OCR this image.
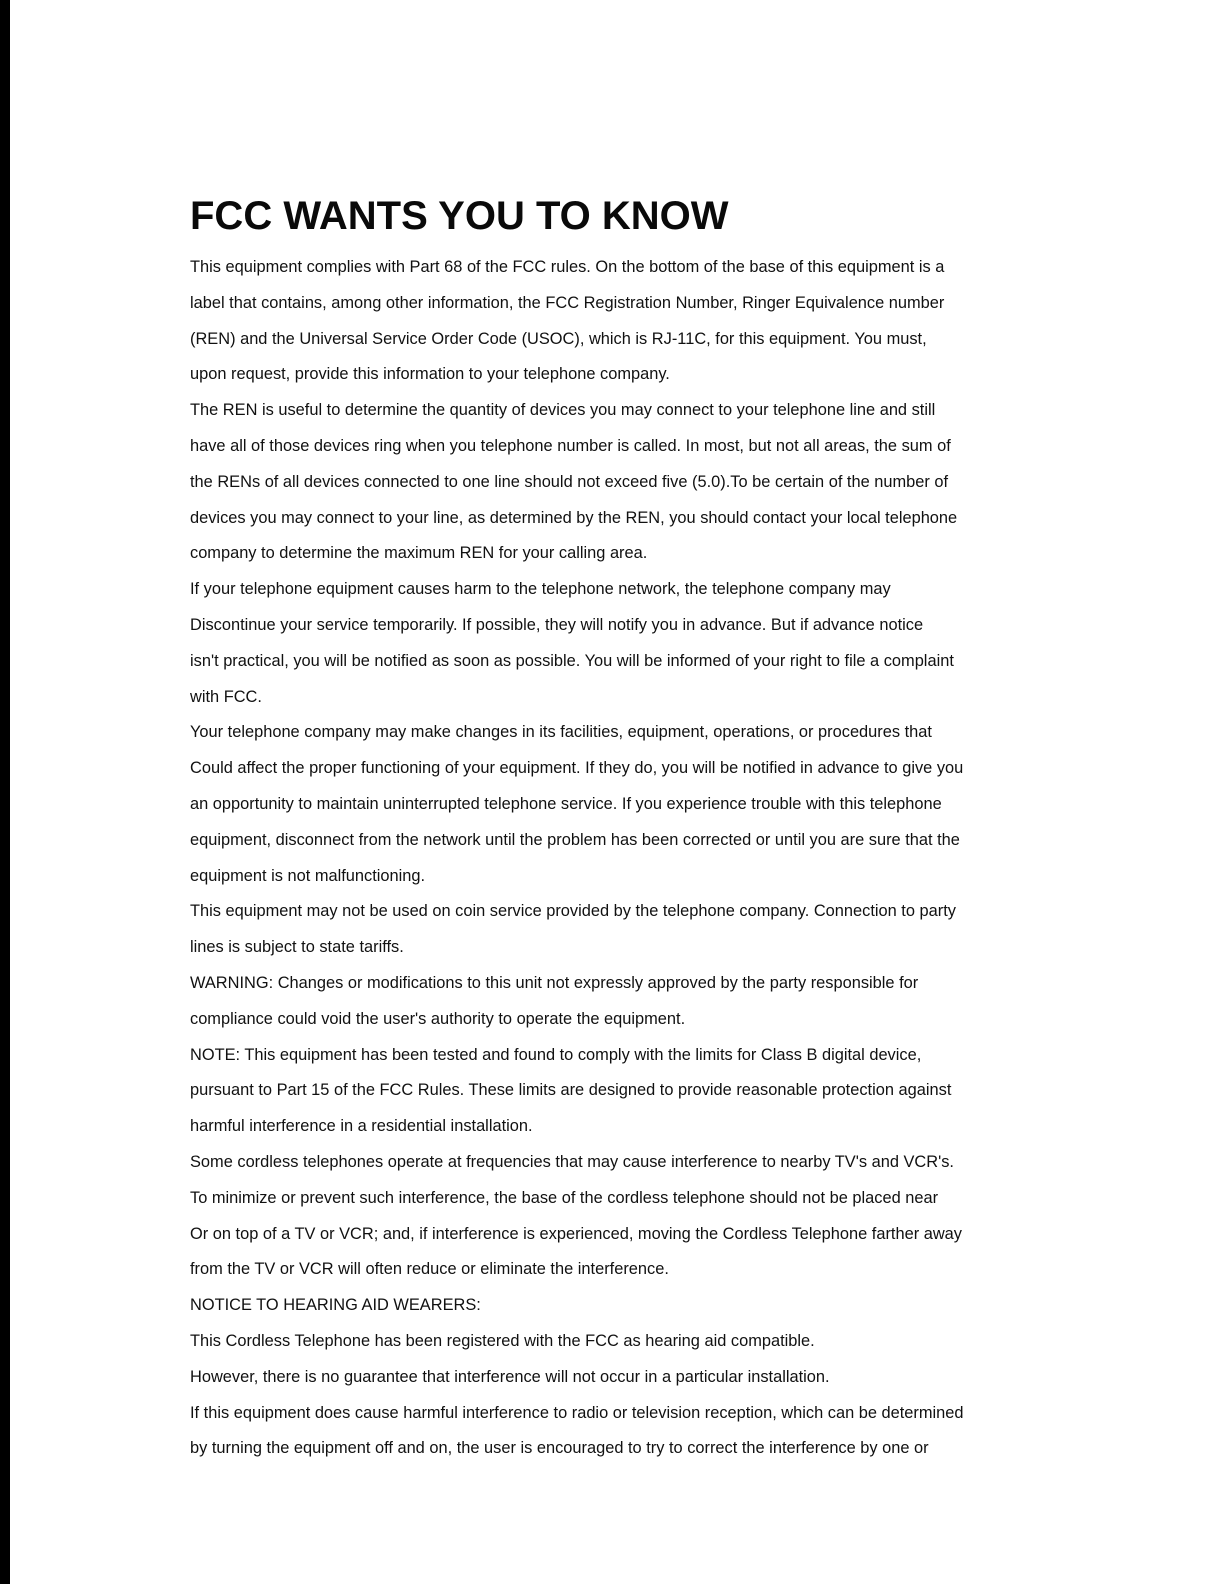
FCC WANTS YOU TO KNOW
This equipment complies with Part 68 of the FCC rules. On the bottom of the base of this equipment is a
label that contains, among other information, the FCC Registration Number, Ringer Equivalence number
(REN) and the Universal Service Order Code (USOC), which is RJ-11C, for this equipment. You must,
upon request, provide this information to your telephone company.
The REN is useful to determine the quantity of devices you may connect to your telephone line and still
have all of those devices ring when you telephone number is called. In most, but not all areas, the sum of
the RENs of all devices connected to one line should not exceed five (5.0).To be certain of the number of
devices you may connect to your line, as determined by the REN, you should contact your local telephone
company to determine the maximum REN for your calling area.
If your telephone equipment causes harm to the telephone network, the telephone company may
Discontinue your service temporarily. If possible, they will notify you in advance. But if advance notice
isn't practical, you will be notified as soon as possible. You will be informed of your right to file a complaint
with FCC.
Your telephone company may make changes in its facilities, equipment, operations, or procedures that
Could affect the proper functioning of your equipment. If they do, you will be notified in advance to give you
an opportunity to maintain uninterrupted telephone service. If you experience trouble with this telephone
equipment, disconnect from the network until the problem has been corrected or until you are sure that the
equipment is not malfunctioning.
This equipment may not be used on coin service provided by the telephone company. Connection to party
lines is subject to state tariffs.
WARNING: Changes or modifications to this unit not expressly approved by the party responsible for
compliance could void the user's authority to operate the equipment.
NOTE: This equipment has been tested and found to comply with the limits for Class B digital device,
pursuant to Part 15 of the FCC Rules. These limits are designed to provide reasonable protection against
harmful interference in a residential installation.
Some cordless telephones operate at frequencies that may cause interference to nearby TV's and VCR's.
To minimize or prevent such interference, the base of the cordless telephone should not be placed near
Or on top of a TV or VCR; and, if interference is experienced, moving the Cordless Telephone farther away
from the TV or VCR will often reduce or eliminate the interference.
NOTICE TO HEARING AID WEARERS:
This Cordless Telephone has been registered with the FCC as hearing aid compatible.
However, there is no guarantee that interference will not occur in a particular installation.
If this equipment does cause harmful interference to radio or television reception, which can be determined
by turning the equipment off and on, the user is encouraged to try to correct the interference by one or
